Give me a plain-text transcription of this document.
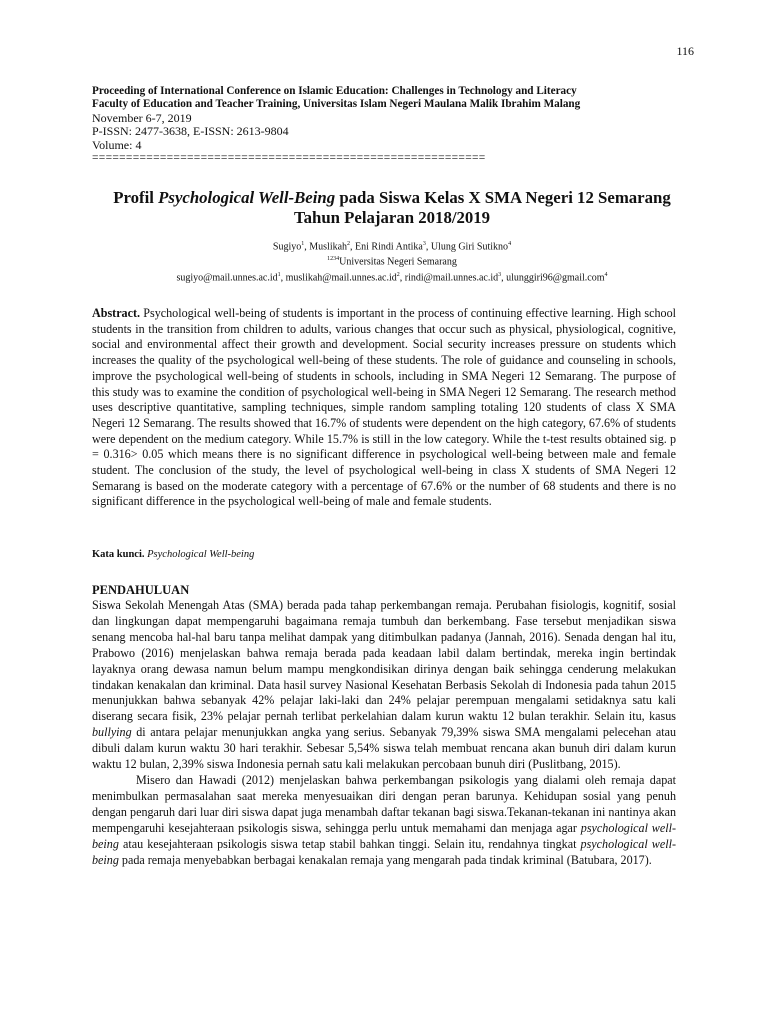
116
Proceeding of International Conference on Islamic Education: Challenges in Technology and Literacy
Faculty of Education and Teacher Training, Universitas Islam Negeri Maulana Malik Ibrahim Malang
November 6-7, 2019
P-ISSN: 2477-3638, E-ISSN: 2613-9804
Volume: 4
==========================================================
Profil Psychological Well-Being pada Siswa Kelas X SMA Negeri 12 Semarang
Tahun Pelajaran 2018/2019
Sugiyo$^1$, Muslikah$^2$, Eni Rindi Antika$^3$, Ulung Giri Sutikno$^4$
$^{1234}$Universitas Negeri Semarang
$sugiyo@mail.unnes.ac.id^1$, $muslikah@mail.unnes.ac.id^2$, $rindi@mail.unnes.ac.id^3$, ulunggiri96@gmail.com$^4$
Abstract. Psychological well-being of students is important in the process of continuing effective learning. High school students in the transition from children to adults, various changes that occur such as physical, physiological, cognitive, social and environmental affect their growth and development. Social security increases pressure on students which increases the quality of the psychological well-being of these students. The role of guidance and counseling in schools, improve the psychological well-being of students in schools, including in SMA Negeri 12 Semarang. The purpose of this study was to examine the condition of psychological well-being in SMA Negeri 12 Semarang. The research method uses descriptive quantitative, sampling techniques, simple random sampling totaling 120 students of class X SMA Negeri 12 Semarang. The results showed that 16.7% of students were dependent on the high category, 67.6% of students were dependent on the medium category. While 15.7% is still in the low category. While the t-test results obtained sig. p = 0.316> 0.05 which means there is no significant difference in psychological well-being between male and female student. The conclusion of the study, the level of psychological well-being in class X students of SMA Negeri 12 Semarang is based on the moderate category with a percentage of 67.6% or the number of 68 students and there is no significant difference in the psychological well-being of male and female students.
Kata kunci. Psychological Well-being
PENDAHULUAN

Siswa Sekolah Menengah Atas (SMA) berada pada tahap perkembangan remaja. Perubahan fisiologis, kognitif, sosial dan lingkungan dapat mempengaruhi bagaimana remaja tumbuh dan berkembang. Fase tersebut menjadikan siswa senang mencoba hal-hal baru tanpa melihat dampak yang ditimbulkan padanya (Jannah, 2016). Senada dengan hal itu, Prabowo (2016) menjelaskan bahwa remaja berada pada keadaan labil dalam bertindak, mereka ingin bertindak layaknya orang dewasa namun belum mampu mengkondisikan dirinya dengan baik sehingga cenderung melakukan tindakan kenakalan dan kriminal. Data hasil survey Nasional Kesehatan Berbasis Sekolah di Indonesia pada tahun 2015 menunjukkan bahwa sebanyak 42% pelajar laki-laki dan 24% pelajar perempuan mengalami setidaknya satu kali diserang secara fisik, 23% pelajar pernah terlibat perkelahian dalam kurun waktu 12 bulan terakhir. Selain itu, kasus bullying di antara pelajar menunjukkan angka yang serius. Sebanyak 79,39% siswa SMA mengalami pelecehan atau dibuli dalam kurun waktu 30 hari terakhir. Sebesar 5,54% siswa telah membuat rencana akan bunuh diri dalam kurun waktu 12 bulan, 2,39% siswa Indonesia pernah satu kali melakukan percobaan bunuh diri (Puslitbang, 2015).

Misero dan Hawadi (2012) menjelaskan bahwa perkembangan psikologis yang dialami oleh remaja dapat menimbulkan permasalahan saat mereka menyesuaikan diri dengan peran barunya. Kehidupan sosial yang penuh dengan pengaruh dari luar diri siswa dapat juga menambah daftar tekanan bagi siswa.Tekanan-tekanan ini nantinya akan mempengaruhi kesejahteraan psikologis siswa, sehingga perlu untuk memahami dan menjaga agar psychological well-being atau kesejahteraan psikologis siswa tetap stabil bahkan tinggi. Selain itu, rendahnya tingkat psychological well-being pada remaja menyebabkan berbagai kenakalan remaja yang mengarah pada tindak kriminal (Batubara, 2017).
